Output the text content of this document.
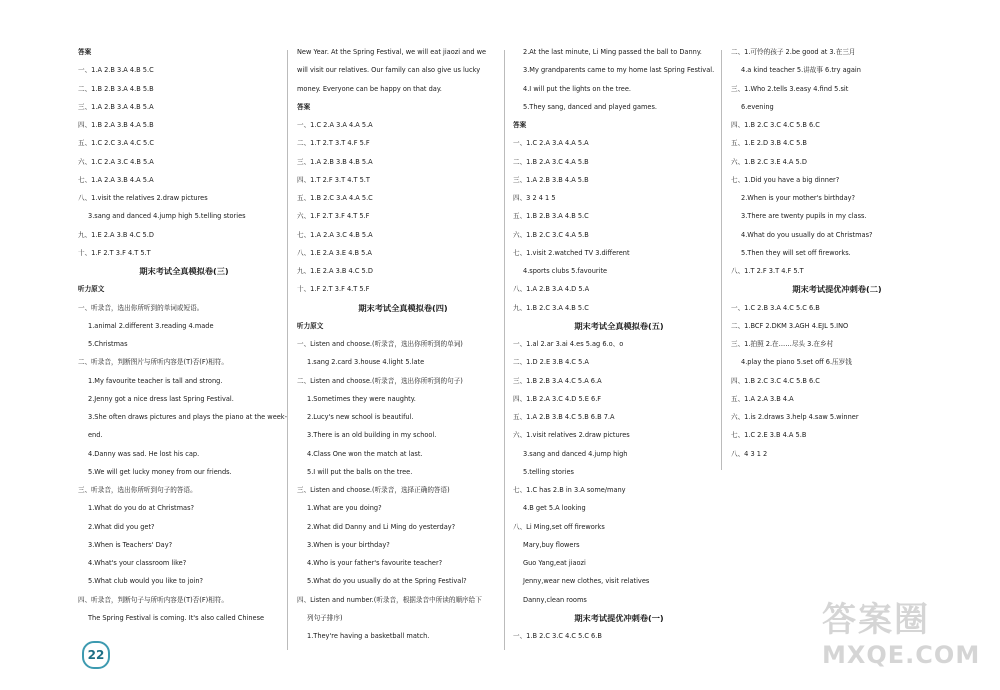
答案
一、1.A 2.B 3.A 4.B 5.C
二、1.B 2.B 3.A 4.B 5.B
三、1.A 2.B 3.A 4.B 5.A
四、1.B 2.A 3.B 4.A 5.B
五、1.C 2.C 3.A 4.C 5.C
六、1.C 2.A 3.C 4.B 5.A
七、1.A 2.A 3.B 4.A 5.A
八、1.visit the relatives 2.draw pictures
3.sang and danced 4.jump high 5.telling stories
九、1.E 2.A 3.B 4.C 5.D
十、1.F 2.T 3.F 4.T 5.T
期末考试全真模拟卷(三)
听力原文
一、听录音，选出你所听到的单词或短语。
1.animal 2.different 3.reading 4.made
5.Christmas
二、听录音，判断图片与所听内容是(T)否(F)相符。
1.My favourite teacher is tall and strong.
2.Jenny got a nice dress last Spring Festival.
3.She often draws pictures and plays the piano at the week-
end.
4.Danny was sad. He lost his cap.
5.We will get lucky money from our friends.
三、听录音，选出你所听到句子的答语。
1.What do you do at Christmas?
2.What did you get?
3.When is Teachers' Day?
4.What's your classroom like?
5.What club would you like to join?
四、听录音，判断句子与所听内容是(T)否(F)相符。
The Spring Festival is coming. It's also called Chinese
New Year. At the Spring Festival, we will eat jiaozi and we
will visit our relatives. Our family can also give us lucky
money. Everyone can be happy on that day.
答案
一、1.C 2.A 3.A 4.A 5.A
二、1.T 2.T 3.T 4.F 5.F
三、1.A 2.B 3.B 4.B 5.A
四、1.T 2.F 3.T 4.T 5.T
五、1.B 2.C 3.A 4.A 5.C
六、1.F 2.T 3.F 4.T 5.F
七、1.A 2.A 3.C 4.B 5.A
八、1.E 2.A 3.E 4.B 5.A
九、1.E 2.A 3.B 4.C 5.D
十、1.F 2.T 3.F 4.T 5.F
期末考试全真模拟卷(四)
听力原文
一、Listen and choose.(听录音，选出你所听到的单词)
1.sang 2.card 3.house 4.light 5.late
二、Listen and choose.(听录音，选出你所听到的句子)
1.Sometimes they were naughty.
2.Lucy's new school is beautiful.
3.There is an old building in my school.
4.Class One won the match at last.
5.I will put the balls on the tree.
三、Listen and choose.(听录音，选择正确的答语)
1.What are you doing?
2.What did Danny and Li Ming do yesterday?
3.When is your birthday?
4.Who is your father's favourite teacher?
5.What do you usually do at the Spring Festival?
四、Listen and number.(听录音，根据录音中所读的顺序给下
列句子排序)
1.They're having a basketball match.
2.At the last minute, Li Ming passed the ball to Danny.
3.My grandparents came to my home last Spring Festival.
4.I will put the lights on the tree.
5.They sang, danced and played games.
答案
一、1.C 2.A 3.A 4.A 5.A
二、1.B 2.A 3.C 4.A 5.B
三、1.A 2.B 3.B 4.A 5.B
四、3 2 4 1 5
五、1.B 2.B 3.A 4.B 5.C
六、1.B 2.C 3.C 4.A 5.B
七、1.visit 2.watched TV 3.different
4.sports clubs 5.favourite
八、1.A 2.B 3.A 4.D 5.A
九、1.B 2.C 3.A 4.B 5.C
期末考试全真模拟卷(五)
一、1.al 2.ar 3.ai 4.es 5.ag 6.o、o
二、1.D 2.E 3.B 4.C 5.A
三、1.B 2.B 3.A 4.C 5.A 6.A
四、1.B 2.A 3.C 4.D 5.E 6.F
五、1.A 2.B 3.B 4.C 5.B 6.B 7.A
六、1.visit relatives 2.draw pictures
3.sang and danced 4.jump high
5.telling stories
七、1.C has 2.B in 3.A some/many
4.B get 5.A looking
八、Li Ming,set off fireworks
Mary,buy flowers
Guo Yang,eat jiaozi
Jenny,wear new clothes, visit relatives
Danny,clean rooms
期末考试提优冲刺卷(一)
一、1.B 2.C 3.C 4.C 5.C 6.B
二、1.可怜的孩子 2.be good at 3.在三月
4.a kind teacher 5.讲故事 6.try again
三、1.Who 2.tells 3.easy 4.find 5.sit
6.evening
四、1.B 2.C 3.C 4.C 5.B 6.C
五、1.E 2.D 3.B 4.C 5.B
六、1.B 2.C 3.E 4.A 5.D
七、1.Did you have a big dinner?
2.When is your mother's birthday?
3.There are twenty pupils in my class.
4.What do you usually do at Christmas?
5.Then they will set off fireworks.
八、1.T 2.F 3.T 4.F 5.T
期末考试提优冲刺卷(二)
一、1.C 2.B 3.A 4.C 5.C 6.B
二、1.BCF 2.DKM 3.AGH 4.EJL 5.INO
三、1.拍照 2.在……尽头 3.在乡村
4.play the piano 5.set off 6.压岁钱
四、1.B 2.C 3.C 4.C 5.B 6.C
五、1.A 2.A 3.B 4.A
六、1.is 2.draws 3.help 4.saw 5.winner
七、1.C 2.E 3.B 4.A 5.B
八、4 3 1 2
22
答案圈
MXQE.COM
